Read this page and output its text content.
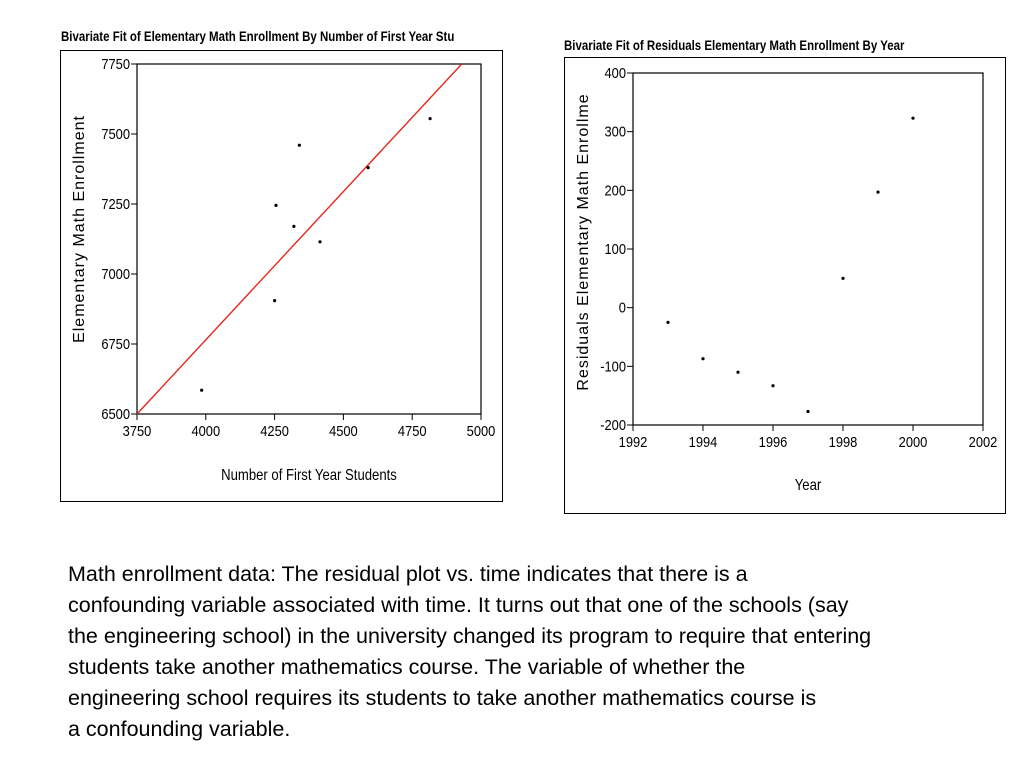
Bivariate Fit of Elementary Math Enrollment By Number of First Year Stu
Bivariate Fit of Residuals Elementary Math Enrollment By Year
3750	4000	4250	4500	4750	5000
6500
6750
7000
7250
7500
7750
Number of First Year Students
Elementary Math Enrollment
1992	1994	1996	1998	2000	2002
-200
-100
0
100
200
300
400
Year
Residuals Elementary Math Enrollme
Math enrollment data: The residual plot vs. time indicates that there is a
confounding variable associated with time. It turns out that one of the schools (say
the engineering school) in the university changed its program to require that entering
students take another mathematics course. The variable of whether the
engineering school requires its students to take another mathematics course is
a confounding variable.
